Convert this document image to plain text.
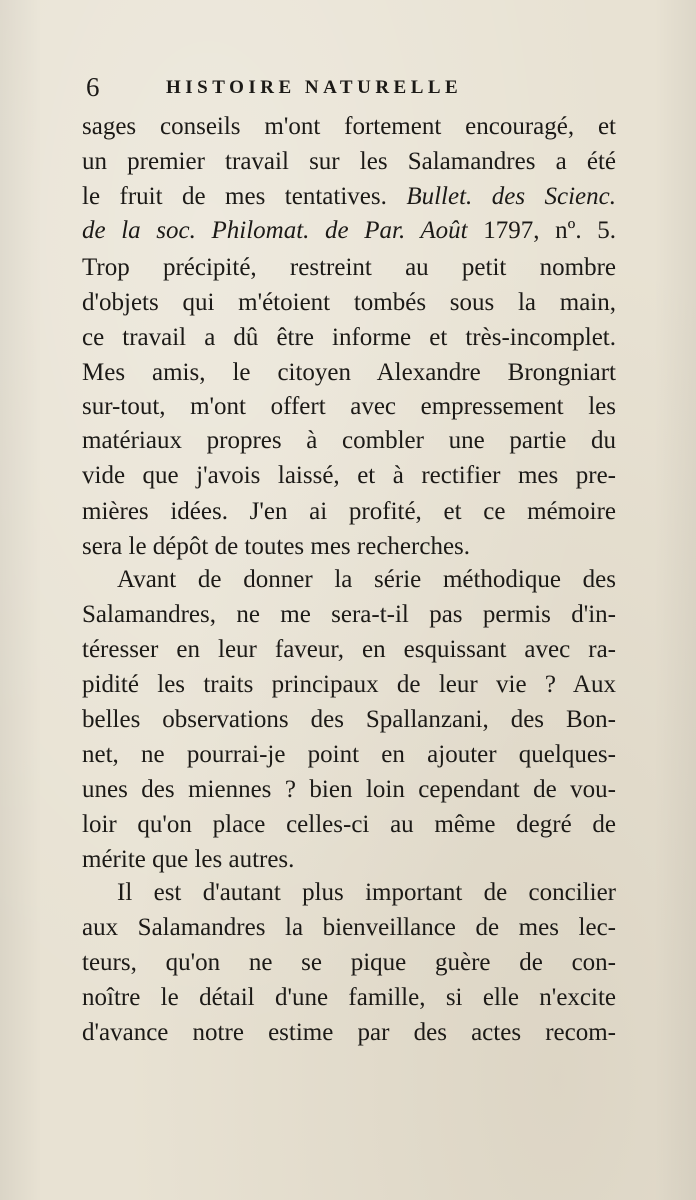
6	HISTOIRE NATURELLE
sages conseils m'ont fortement encouragé, et
un premier travail sur les Salamandres a été
le fruit de mes tentatives. Bullet. des Scienc.
de la soc. Philomat. de Par. Août 1797, nº. 5.
Trop précipité, restreint au petit nombre
d'objets qui m'étoient tombés sous la main,
ce travail a dû être informe et très-incomplet.
Mes amis, le citoyen Alexandre Brongniart
sur-tout, m'ont offert avec empressement les
matériaux propres à combler une partie du
vide que j'avois laissé, et à rectifier mes pre-
mières idées. J'en ai profité, et ce mémoire
sera le dépôt de toutes mes recherches.
Avant de donner la série méthodique des
Salamandres, ne me sera-t-il pas permis d'in-
téresser en leur faveur, en esquissant avec ra-
pidité les traits principaux de leur vie ? Aux
belles observations des Spallanzani, des Bon-
net, ne pourrai-je point en ajouter quelques-
unes des miennes ? bien loin cependant de vou-
loir qu'on place celles-ci au même degré de
mérite que les autres.
Il est d'autant plus important de concilier
aux Salamandres la bienveillance de mes lec-
teurs, qu'on ne se pique guère de con-
noître le détail d'une famille, si elle n'excite
d'avance notre estime par des actes recom-
